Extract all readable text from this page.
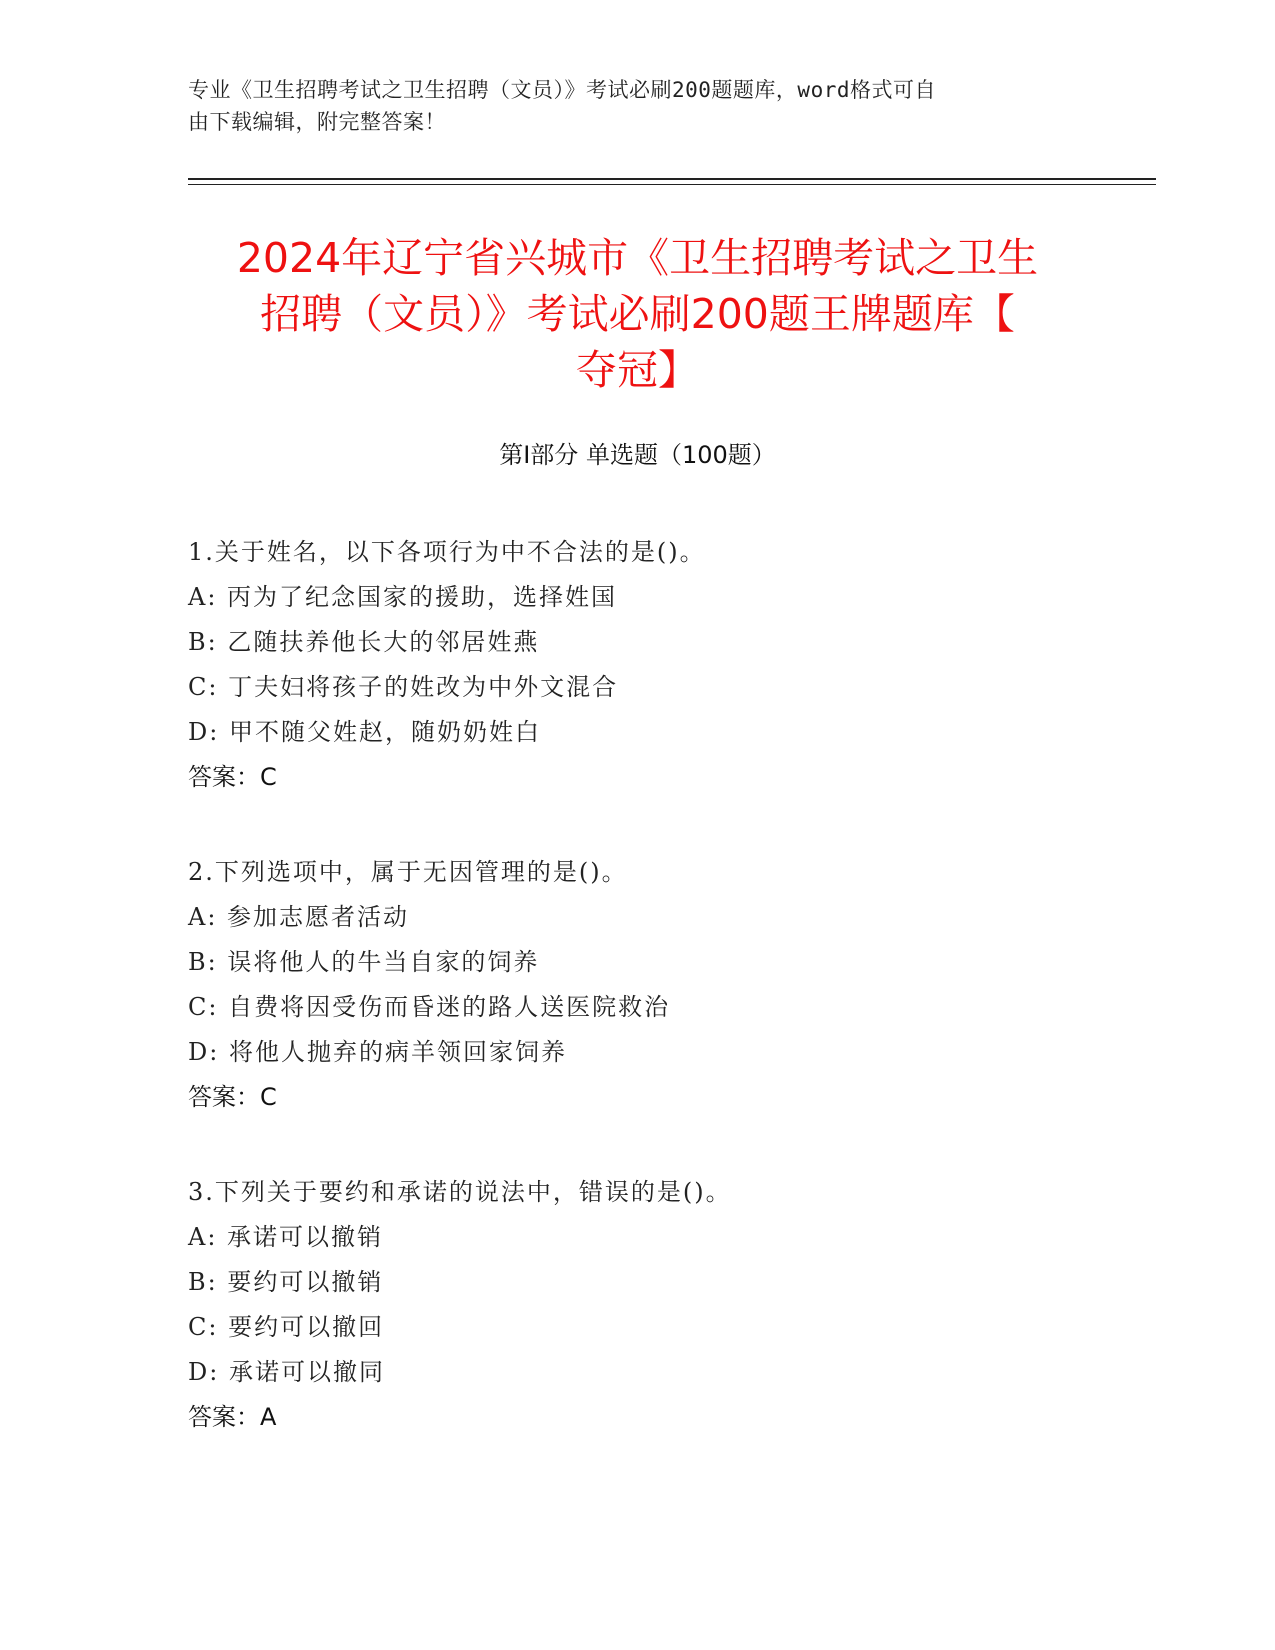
专业《卫生招聘考试之卫生招聘（文员）》考试必刷200题题库，word格式可自
由下载编辑，附完整答案！
2024年辽宁省兴城市《卫生招聘考试之卫生
招聘（文员）》考试必刷200题王牌题库【
夺冠】
第I部分 单选题（100题）
1.关于姓名，以下各项行为中不合法的是()。
A: 丙为了纪念国家的援助，选择姓国
B: 乙随扶养他长大的邻居姓燕
C: 丁夫妇将孩子的姓改为中外文混合
D: 甲不随父姓赵，随奶奶姓白
答案：C
2.下列选项中，属于无因管理的是()。
A: 参加志愿者活动
B: 误将他人的牛当自家的饲养
C: 自费将因受伤而昏迷的路人送医院救治
D: 将他人抛弃的病羊领回家饲养
答案：C
3.下列关于要约和承诺的说法中，错误的是()。
A: 承诺可以撤销
B: 要约可以撤销
C: 要约可以撤回
D: 承诺可以撤同
答案：A
